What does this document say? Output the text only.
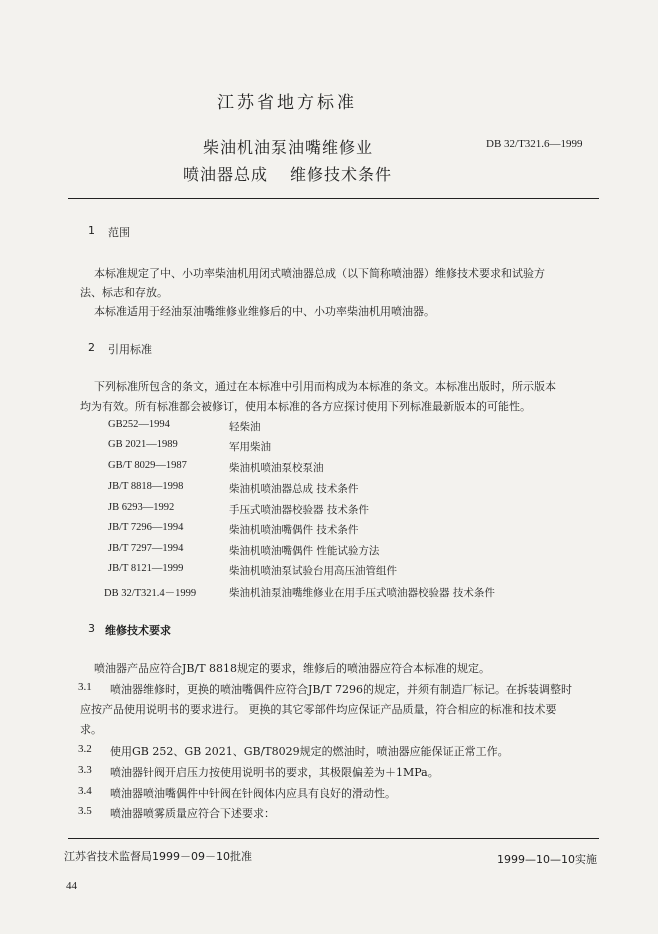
江苏省地方标准
柴油机油泵油嘴维修业
喷油器总成 维修技术条件
DB 32/T321.6—1999
1 范围
本标准规定了中、小功率柴油机用闭式喷油器总成（以下简称喷油器）维修技术要求和试验方
法、标志和存放。
本标准适用于经油泵油嘴维修业维修后的中、小功率柴油机用喷油器。
2 引用标准
下列标准所包含的条文，通过在本标准中引用而构成为本标准的条文。本标准出版时，所示版本
均为有效。所有标准都会被修订，使用本标准的各方应探讨使用下列标准最新版本的可能性。
GB252—1994	轻柴油
GB 2021—1989	军用柴油
GB/T 8029—1987	柴油机喷油泵校泵油
JB/T 8818—1998	柴油机喷油器总成 技术条件
JB 6293—1992	手压式喷油器校验器 技术条件
JB/T 7296—1994	柴油机喷油嘴偶件 技术条件
JB/T 7297—1994	柴油机喷油嘴偶件 性能试验方法
JB/T 8121—1999	柴油机喷油泵试验台用高压油管组件
DB 32/T321.4－1999	柴油机油泵油嘴维修业在用手压式喷油器校验器 技术条件
3 维修技术要求
喷油器产品应符合JB/T 8818规定的要求，维修后的喷油器应符合本标准的规定。
3.1 喷油器维修时，更换的喷油嘴偶件应符合JB/T 7296的规定，并须有制造厂标记。在拆装调整时
应按产品使用说明书的要求进行。 更换的其它零部件均应保证产品质量，符合相应的标准和技术要
求。
3.2 使用GB 252、GB 2021、GB/T8029规定的燃油时，喷油器应能保证正常工作。
3.3 喷油器针阀开启压力按使用说明书的要求，其极限偏差为＋1MPa。
3.4 喷油器喷油嘴偶件中针阀在针阀体内应具有良好的滑动性。
3.5 喷油器喷雾质量应符合下述要求：
江苏省技术监督局1999－09－10批准	1999—10—10实施
44
